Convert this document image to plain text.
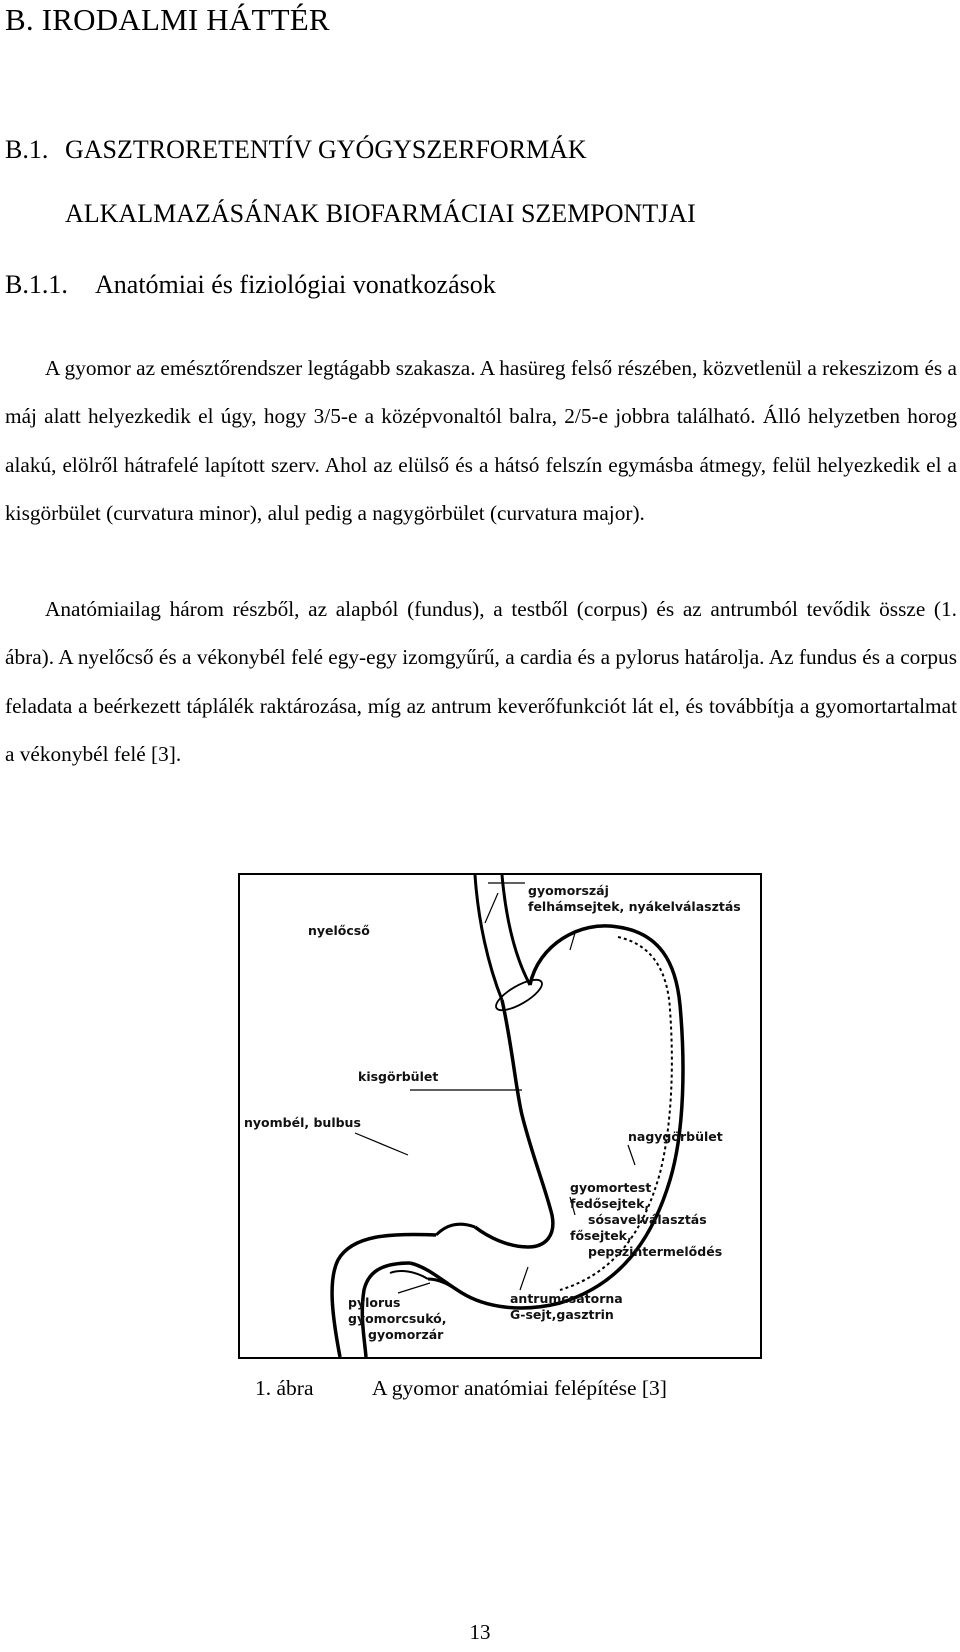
B. IRODALMI HÁTTÉR
B.1. GASZTRORETENTÍV GYÓGYSZERFORMÁK
ALKALMAZÁSÁNAK BIOFARMÁCIAI SZEMPONTJAI
B.1.1. Anatómiai és fiziológiai vonatkozások

A gyomor az emésztőrendszer legtágabb szakasza. A hasüreg felső részében, közvetlenül a rekeszizom és a máj alatt helyezkedik el úgy, hogy 3/5-e a középvonaltól balra, 2/5-e jobbra található. Álló helyzetben horog alakú, elölről hátrafelé lapított szerv. Ahol az elülső és a hátsó felszín egymásba átmegy, felül helyezkedik el a kisgörbület (curvatura minor), alul pedig a nagygörbület (curvatura major).

Anatómiailag három részből, az alapból (fundus), a testből (corpus) és az antrumból tevődik össze (1. ábra). A nyelőcső és a vékonybél felé egy-egy izomgyűrű, a cardia és a pylorus határolja. Az fundus és a corpus feladata a beérkezett táplálék raktározása, míg az antrum keverőfunkciót lát el, és továbbítja a gyomortartalmat a vékonybél felé [3].

gyomorszáj
felhámsejtek, nyákelválasztás
nyelőcső
kisgörbület
nyombél, bulbus
nagygörbület
gyomortest
fedősejtek,
sósavelválasztás
fősejtek,
pepszintermelődés
pylorus
gyomorcsukó,
gyomorzár
antrumcsatorna
G-sejt,gasztrin
1. ábra	A gyomor anatómiai felépítése [3]
13
